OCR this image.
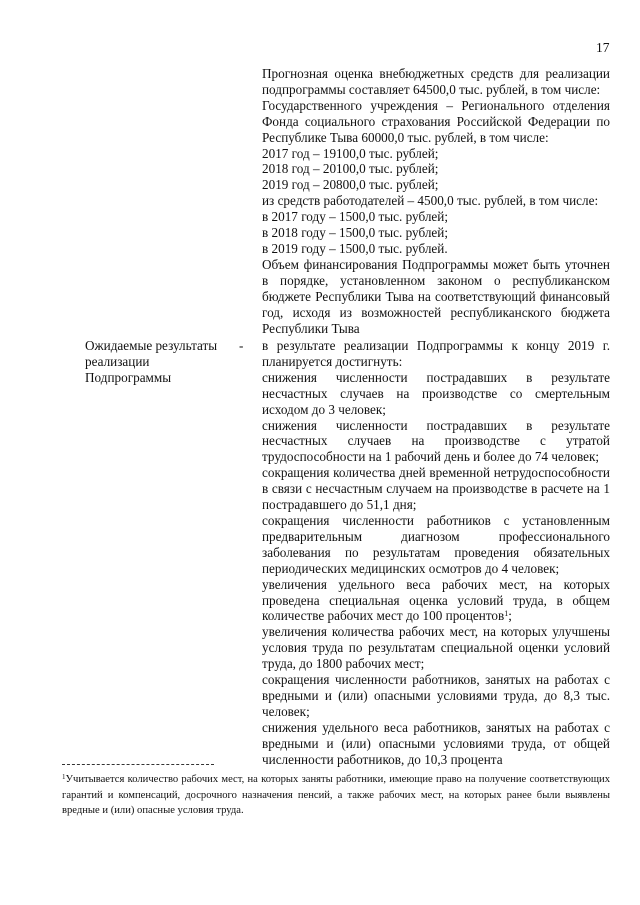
17

Прогнозная оценка внебюджетных средств для реализации подпрограммы составляет 64500,0 тыс. рублей, в том числе:

Государственного учреждения – Регионального отделения Фонда социального страхования Российской Федерации по Республике Тыва 60000,0 тыс. рублей, в том числе:

2017 год – 19100,0 тыс. рублей;

2018 год – 20100,0 тыс. рублей;

2019 год – 20800,0 тыс. рублей;

из средств работодателей – 4500,0 тыс. рублей, в том числе:

в 2017 году – 1500,0 тыс. рублей;

в 2018 году – 1500,0 тыс. рублей;

в 2019 году – 1500,0 тыс. рублей.

Объем финансирования Подпрограммы может быть уточнен в порядке, установленном законом о республиканском бюджете Республики Тыва на соответствующий финансовый год, исходя из возможностей республиканского бюджета Республики Тыва

Ожидаемые результаты реализации Подпрограммы
- в результате реализации Подпрограммы к концу 2019 г. планируется достигнуть:

снижения численности пострадавших в результате несчастных случаев на производстве со смертельным исходом до 3 человек;

снижения численности пострадавших в результате несчастных случаев на производстве с утратой трудоспособности на 1 рабочий день и более до 74 человек;

сокращения количества дней временной нетрудоспособности в связи с несчастным случаем на производстве в расчете на 1 пострадавшего до 51,1 дня;

сокращения численности работников с установленным предварительным диагнозом профессионального заболевания по результатам проведения обязательных периодических медицинских осмотров до 4 человек;

увеличения удельного веса рабочих мест, на которых проведена специальная оценка условий труда, в общем количестве рабочих мест до 100 процентов$^1$;

увеличения количества рабочих мест, на которых улучшены условия труда по результатам специальной оценки условий труда, до 1800 рабочих мест;

сокращения численности работников, занятых на работах с вредными и (или) опасными условиями труда, до 8,3 тыс. человек;

снижения удельного веса работников, занятых на работах с вредными и (или) опасными условиями труда, от общей численности работников, до 10,3 процента

$^1$Учитывается количество рабочих мест, на которых заняты работники, имеющие право на получение соответствующих гарантий и компенсаций, досрочного назначения пенсий, а также рабочих мест, на которых ранее были выявлены вредные и (или) опасные условия труда.
